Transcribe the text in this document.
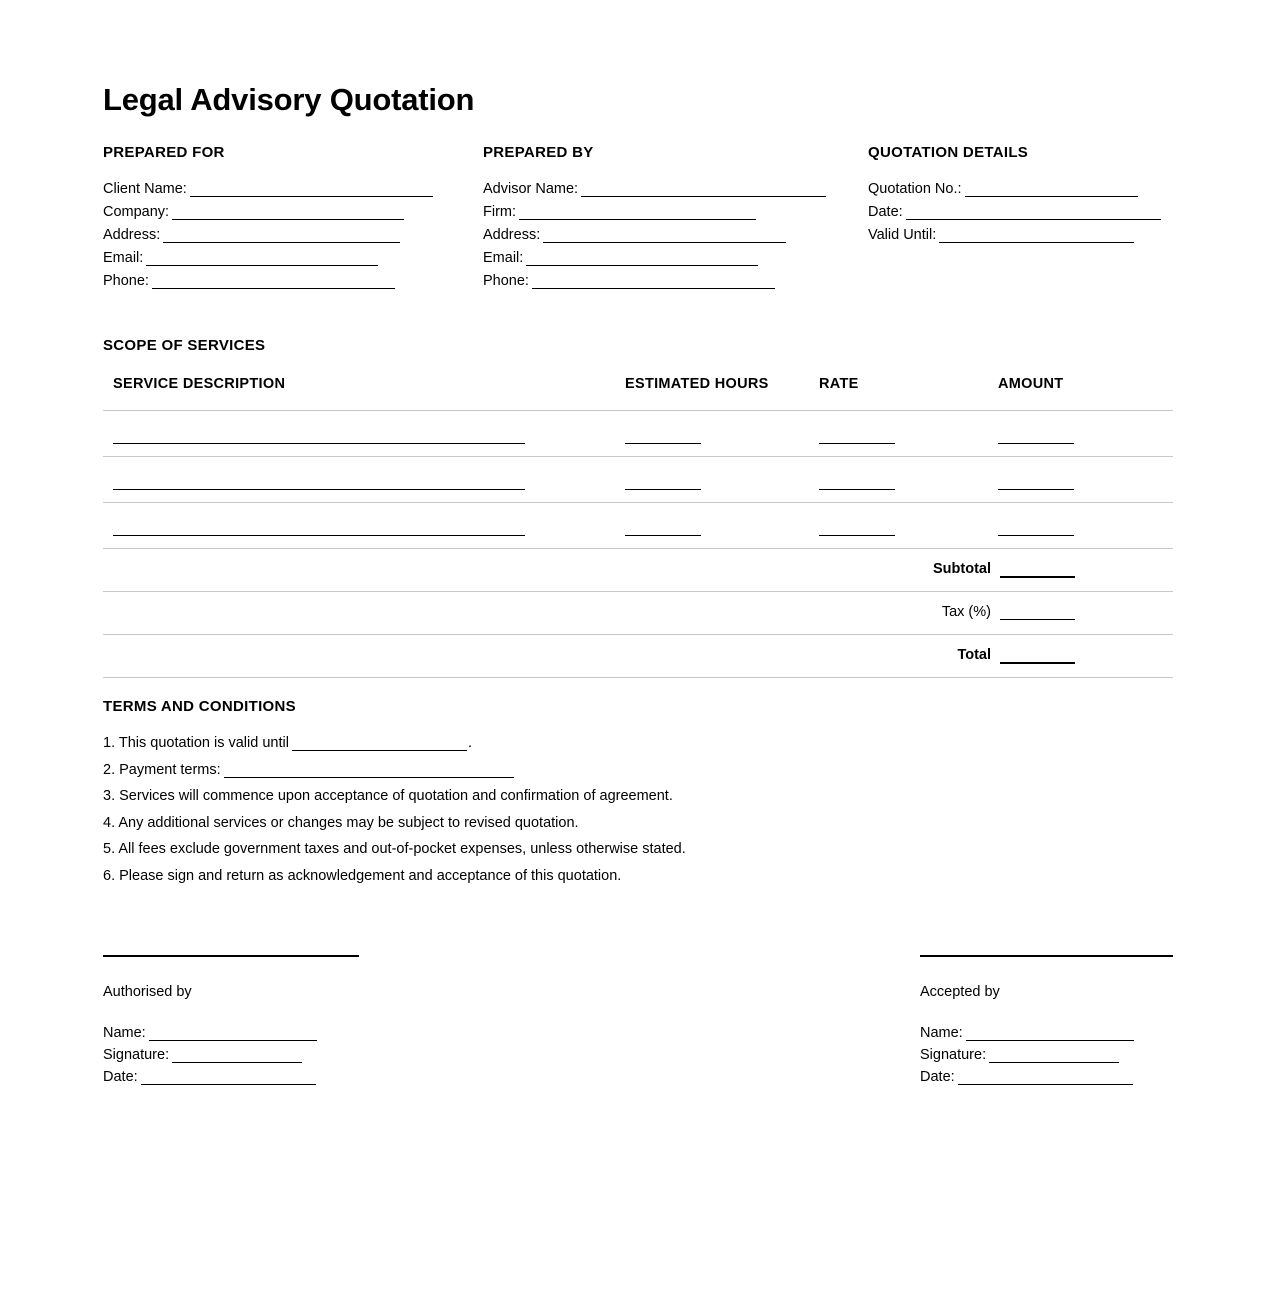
Legal Advisory Quotation
PREPARED FOR
Client Name:
Company:
Address:
Email:
Phone:
PREPARED BY
Advisor Name:
Firm:
Address:
Email:
Phone:
QUOTATION DETAILS
Quotation No.:
Date:
Valid Until:
SCOPE OF SERVICES
SERVICE DESCRIPTION	ESTIMATED HOURS	RATE	AMOUNT
Subtotal
Tax (%)
Total
TERMS AND CONDITIONS
1. This quotation is valid until	.
2. Payment terms:
3. Services will commence upon acceptance of quotation and confirmation of agreement.
4. Any additional services or changes may be subject to revised quotation.
5. All fees exclude government taxes and out-of-pocket expenses, unless otherwise stated.
6. Please sign and return as acknowledgement and acceptance of this quotation.
Authorised by
Name:
Signature:
Date:
Accepted by
Name:
Signature:
Date:
